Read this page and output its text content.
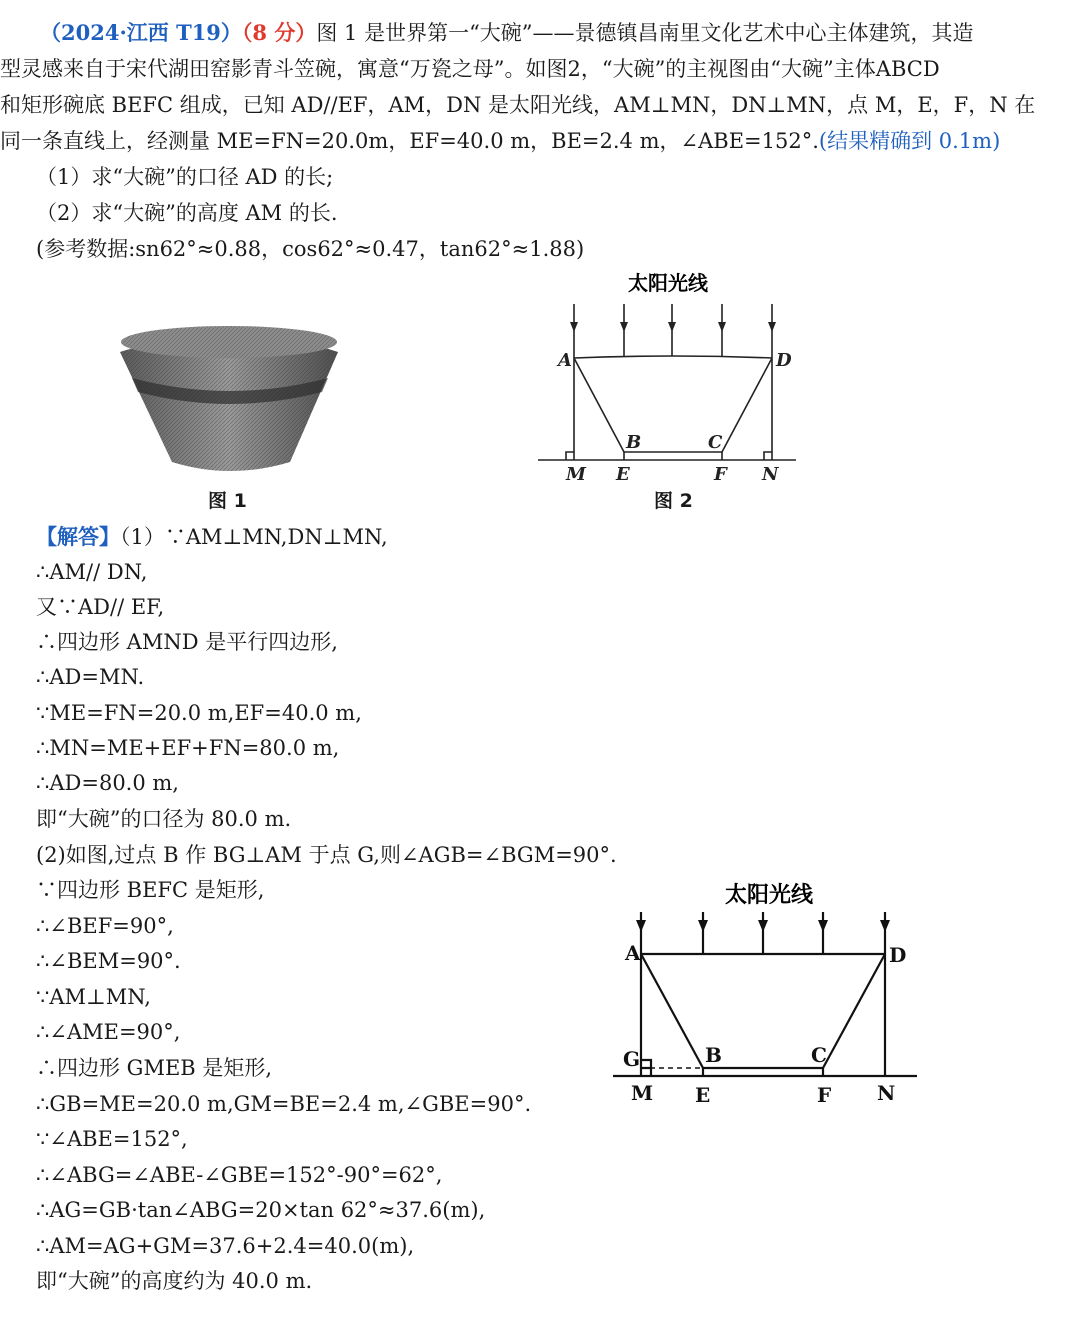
（2024·江西 T19）（8 分）图 1 是世界第一“大碗”——景德镇昌南里文化艺术中心主体建筑，其造
型灵感来自于宋代湖田窑影青斗笠碗，寓意“万瓷之母”。如图2，“大碗”的主视图由“大碗”主体ABCD
和矩形碗底 BEFC 组成，已知 AD//EF，AM，DN 是太阳光线，AM⊥MN，DN⊥MN，点 M，E，F，N 在
同一条直线上，经测量 ME=FN=20.0m，EF=40.0 m，BE=2.4 m，∠ABE=152°.(结果精确到 0.1m)
（1）求“大碗”的口径 AD 的长;
（2）求“大碗”的高度 AM 的长.
(参考数据:sn62°≈0.88，cos62°≈0.47，tan62°≈1.88)
图 1
太阳光线
A	D
B	C
M E	F N
图 2
【解答】（1）∵AM⊥MN,DN⊥MN,
∴AM// DN,
又∵AD// EF,
∴四边形 AMND 是平行四边形,
∴AD=MN.
∵ME=FN=20.0 m,EF=40.0 m,
∴MN=ME+EF+FN=80.0 m,
∴AD=80.0 m,
即“大碗”的口径为 80.0 m.
(2)如图,过点 B 作 BG⊥AM 于点 G,则∠AGB=∠BGM=90°.
∵四边形 BEFC 是矩形,
∴∠BEF=90°,
∴∠BEM=90°.
∵AM⊥MN,
∴∠AME=90°,
∴四边形 GMEB 是矩形,
∴GB=ME=20.0 m,GM=BE=2.4 m,∠GBE=90°.
∵∠ABE=152°,
∴∠ABG=∠ABE-∠GBE=152°-90°=62°,
∴AG=GB·tan∠ABG=20×tan 62°≈37.6(m),
∴AM=AG+GM=37.6+2.4=40.0(m),
即“大碗”的高度约为 40.0 m.
太阳光线
A	D
G	B	C
M E	F N
